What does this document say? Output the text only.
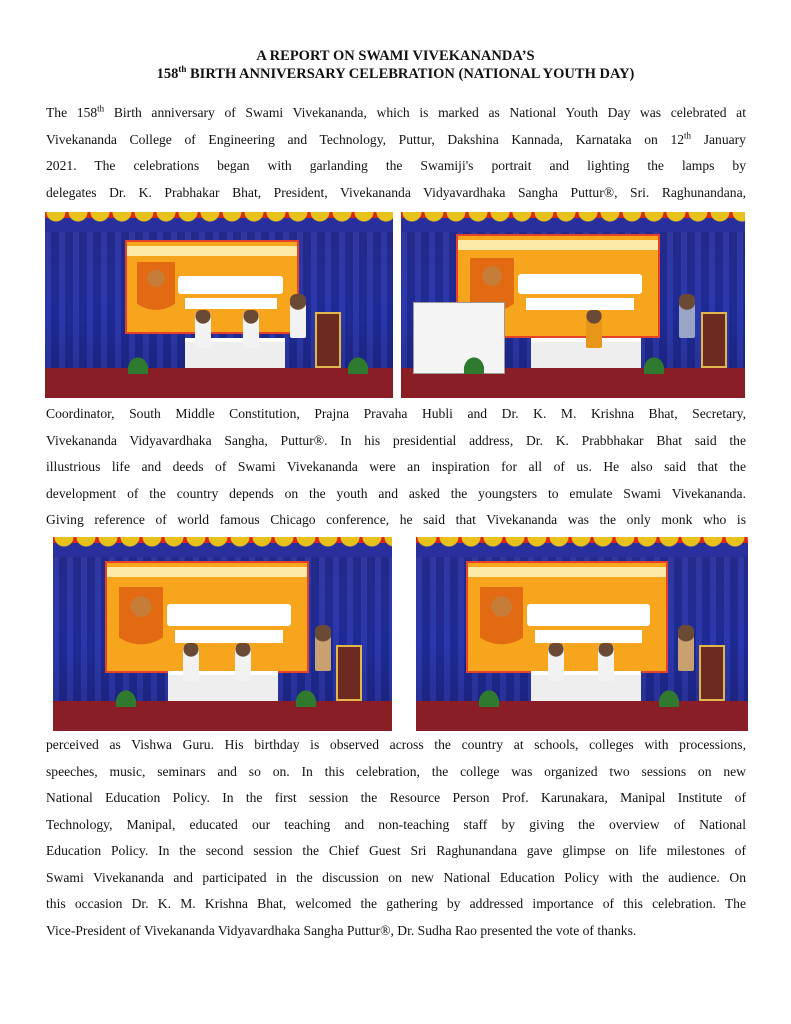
A REPORT ON SWAMI VIVEKANANDA’S
158th BIRTH ANNIVERSARY CELEBRATION (NATIONAL YOUTH DAY)
The 158th Birth anniversary of Swami Vivekananda, which is marked as National Youth Day was celebrated at
Vivekananda College of Engineering and Technology, Puttur, Dakshina Kannada, Karnataka on 12th January
2021. The celebrations began with garlanding the Swamiji's portrait and lighting the lamps by
delegates Dr. K. Prabhakar Bhat, President, Vivekananda Vidyavardhaka Sangha Puttur®, Sri. Raghunandana,
Coordinator, South Middle Constitution, Prajna Pravaha Hubli and Dr. K. M. Krishna Bhat, Secretary,
Vivekananda Vidyavardhaka Sangha, Puttur®. In his presidential address, Dr. K. Prabbhakar Bhat said the
illustrious life and deeds of Swami Vivekananda were an inspiration for all of us. He also said that the
development of the country depends on the youth and asked the youngsters to emulate Swami Vivekananda.
Giving reference of world famous Chicago conference, he said that Vivekananda was the only monk who is
perceived as Vishwa Guru. His birthday is observed across the country at schools, colleges with processions,
speeches, music, seminars and so on. In this celebration, the college was organized two sessions on new
National Education Policy. In the first session the Resource Person Prof. Karunakara, Manipal Institute of
Technology, Manipal, educated our teaching and non-teaching staff by giving the overview of National
Education Policy. In the second session the Chief Guest Sri Raghunandana gave glimpse on life milestones of
Swami Vivekananda and participated in the discussion on new National Education Policy with the audience. On
this occasion Dr. K. M. Krishna Bhat, welcomed the gathering by addressed importance of this celebration. The
Vice-President of Vivekananda Vidyavardhaka Sangha Puttur®, Dr. Sudha Rao presented the vote of thanks.
